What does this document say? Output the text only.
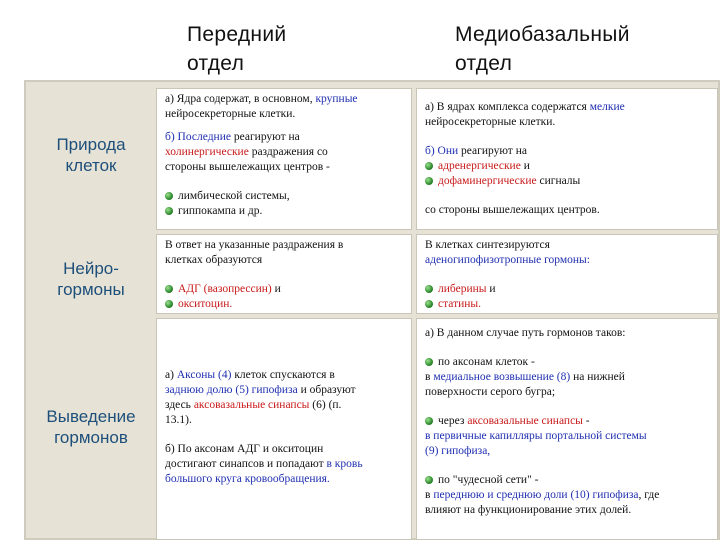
Передний
отдел
Медиобазальный
отдел
Природа
клеток

а) Ядра содержат, в основном, крупные

нейросекреторные клетки.

б) Последние реагируют на

холинергические раздражения со

стороны вышележащих центров -

лимбической системы,

гиппокампа и др.

а) В ядрах комплекса содержатся мелкие

нейросекреторные клетки.

б) Они реагируют на

адренергические и

дофаминергические сигналы

со стороны вышележащих центров.

Нейро-
гормоны

В ответ на указанные раздражения в

клетках образуются

АДГ (вазопрессин) и

окситоцин.

В клетках синтезируются

аденогипофизотропные гормоны:

либерины и

статины.

Выведение
гормонов

а) Аксоны (4) клеток спускаются в

заднюю долю (5) гипофиза и образуют

здесь аксовазальные синапсы (6) (п.

13.1).

б) По аксонам АДГ и окситоцин

достигают синапсов и попадают в кровь

большого круга кровообращения.

а) В данном случае путь гормонов таков:

по аксонам клеток -

в медиальное возвышение (8) на нижней

поверхности серого бугра;

через аксовазальные синапсы -

в первичные капилляры портальной системы

(9) гипофиза,

по "чудесной сети" -

в переднюю и среднюю доли (10) гипофиза, где

влияют на функционирование этих долей.
